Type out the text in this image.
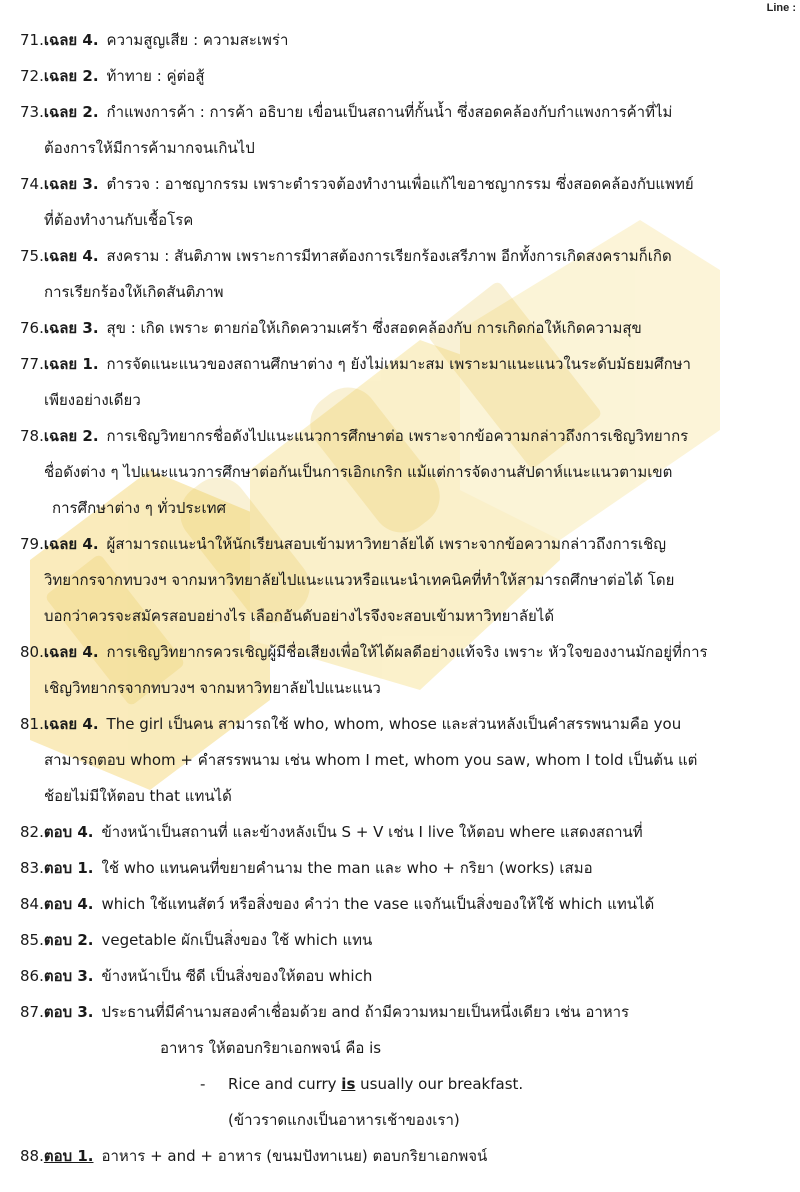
Line :
71.เฉลย 4. ความสูญเสีย : ความสะเพร่า
72.เฉลย 2. ท้าทาย : คู่ต่อสู้
73.เฉลย 2. กำแพงการค้า : การค้า อธิบาย เขื่อนเป็นสถานที่กั้นน้ำ ซึ่งสอดคล้องกับกำแพงการค้าที่ไม่
ต้องการให้มีการค้ามากจนเกินไป
74.เฉลย 3. ตำรวจ : อาชญากรรม เพราะตำรวจต้องทำงานเพื่อแก้ไขอาชญากรรม ซึ่งสอดคล้องกับแพทย์
ที่ต้องทำงานกับเชื้อโรค
75.เฉลย 4. สงคราม : สันติภาพ เพราะการมีทาสต้องการเรียกร้องเสรีภาพ อีกทั้งการเกิดสงครามก็เกิด
การเรียกร้องให้เกิดสันติภาพ
76.เฉลย 3. สุข : เกิด เพราะ ตายก่อให้เกิดความเศร้า ซึ่งสอดคล้องกับ การเกิดก่อให้เกิดความสุข
77.เฉลย 1. การจัดแนะแนวของสถานศึกษาต่าง ๆ ยังไม่เหมาะสม เพราะมาแนะแนวในระดับมัธยมศึกษา
เพียงอย่างเดียว
78.เฉลย 2. การเชิญวิทยากรชื่อดังไปแนะแนวการศึกษาต่อ เพราะจากข้อความกล่าวถึงการเชิญวิทยากร
ชื่อดังต่าง ๆ ไปแนะแนวการศึกษาต่อกันเป็นการเอิกเกริก แม้แต่การจัดงานสัปดาห์แนะแนวตามเขต
การศึกษาต่าง ๆ ทั่วประเทศ
79.เฉลย 4. ผู้สามารถแนะนำให้นักเรียนสอบเข้ามหาวิทยาลัยได้ เพราะจากข้อความกล่าวถึงการเชิญ
วิทยากรจากทบวงฯ จากมหาวิทยาลัยไปแนะแนวหรือแนะนำเทคนิคที่ทำให้สามารถศึกษาต่อได้ โดย
บอกว่าควรจะสมัครสอบอย่างไร เลือกอันดับอย่างไรจึงจะสอบเข้ามหาวิทยาลัยได้
80.เฉลย 4. การเชิญวิทยากรควรเชิญผู้มีชื่อเสียงเพื่อให้ได้ผลดีอย่างแท้จริง เพราะ หัวใจของงานมักอยู่ที่การ
เชิญวิทยากรจากทบวงฯ จากมหาวิทยาลัยไปแนะแนว
81.เฉลย 4. The girl เป็นคน สามารถใช้ who, whom, whose และส่วนหลังเป็นคำสรรพนามคือ you
สามารถตอบ whom + คำสรรพนาม เช่น whom I met, whom you saw, whom I told เป็นต้น แต่
ช้อยไม่มีให้ตอบ that แทนได้
82.ตอบ 4. ข้างหน้าเป็นสถานที่ และข้างหลังเป็น S + V เช่น I live ให้ตอบ where แสดงสถานที่
83.ตอบ 1. ใช้ who แทนคนที่ขยายคำนาม the man และ who + กริยา (works) เสมอ
84.ตอบ 4. which ใช้แทนสัตว์ หรือสิ่งของ คำว่า the vase แจกันเป็นสิ่งของให้ใช้ which แทนได้
85.ตอบ 2. vegetable ผักเป็นสิ่งของ ใช้ which แทน
86.ตอบ 3. ข้างหน้าเป็น ซีดี เป็นสิ่งของให้ตอบ which
87.ตอบ 3. ประธานที่มีคำนามสองคำเชื่อมด้วย and ถ้ามีความหมายเป็นหนึ่งเดียว เช่น อาหาร
อาหาร ให้ตอบกริยาเอกพจน์ คือ is
- Rice and curry is usually our breakfast.
(ข้าวราดแกงเป็นอาหารเช้าของเรา)
88.ตอบ 1. อาหาร + and + อาหาร (ขนมปังทาเนย) ตอบกริยาเอกพจน์
